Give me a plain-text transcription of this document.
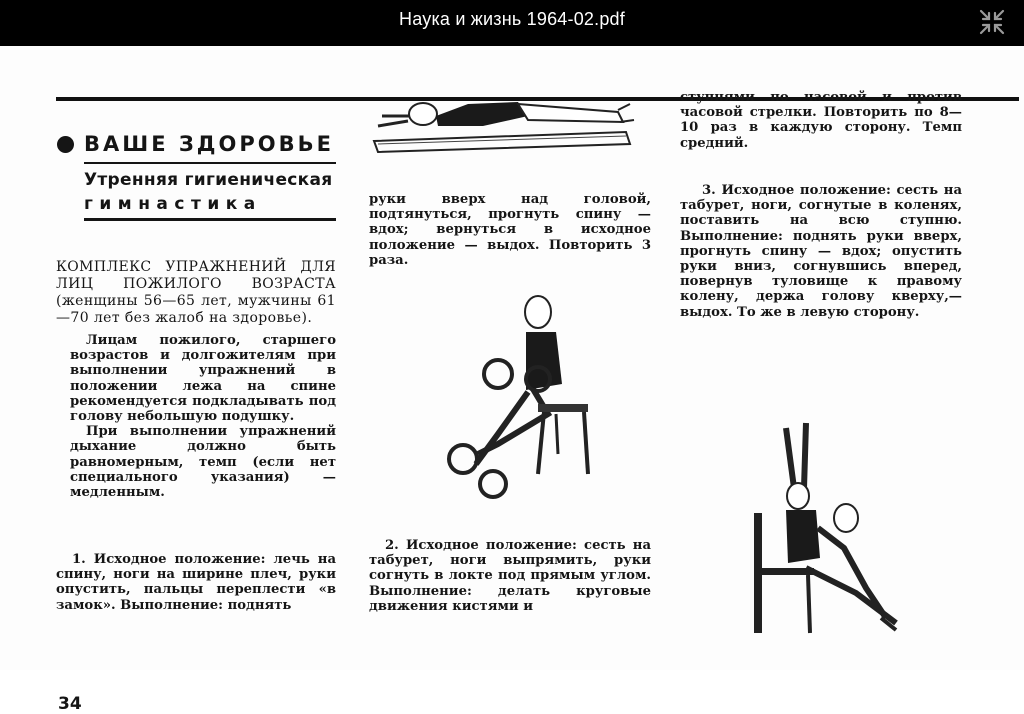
Наука и жизнь 1964-02.pdf
ВАШЕ ЗДОРОВЬЕ
Утренняя гигиеническая
гимнастика
КОМПЛЕКС УПРАЖНЕНИЙ ДЛЯ ЛИЦ ПОЖИЛОГО ВОЗРАСТА (женщины 56—65 лет, мужчины 61—70 лет без жалоб на здоровье).

Лицам пожилого, старшего возрастов и долгожителям при выполнении упражнений в положении лежа на спине рекомендуется подкладывать под голову небольшую подушку.

При выполнении упражнений дыхание должно быть равномерным, темп (если нет специального указания) — медленным.

1. Исходное положение: лечь на спину, ноги на ширине плеч, руки опустить, пальцы переплести «в замок». Выполнение: поднять

34

руки вверх над головой, подтянуться, прогнуть спину — вдох; вернуться в исходное положение — выдох. Повторить 3 раза.

2. Исходное положение: сесть на табурет, ноги выпрямить, руки согнуть в локте под прямым углом. Выполнение: делать круговые движения кистями и

ступнями по часовой и против часовой стрелки. Повторить по 8—10 раз в каждую сторону. Темп средний.

3. Исходное положение: сесть на табурет, ноги, согнутые в коленях, поставить на всю ступню. Выполнение: поднять руки вверх, прогнуть спину — вдох; опустить руки вниз, согнувшись вперед, повернув туловище к правому колену, держа голову кверху,— выдох. То же в левую сторону.
